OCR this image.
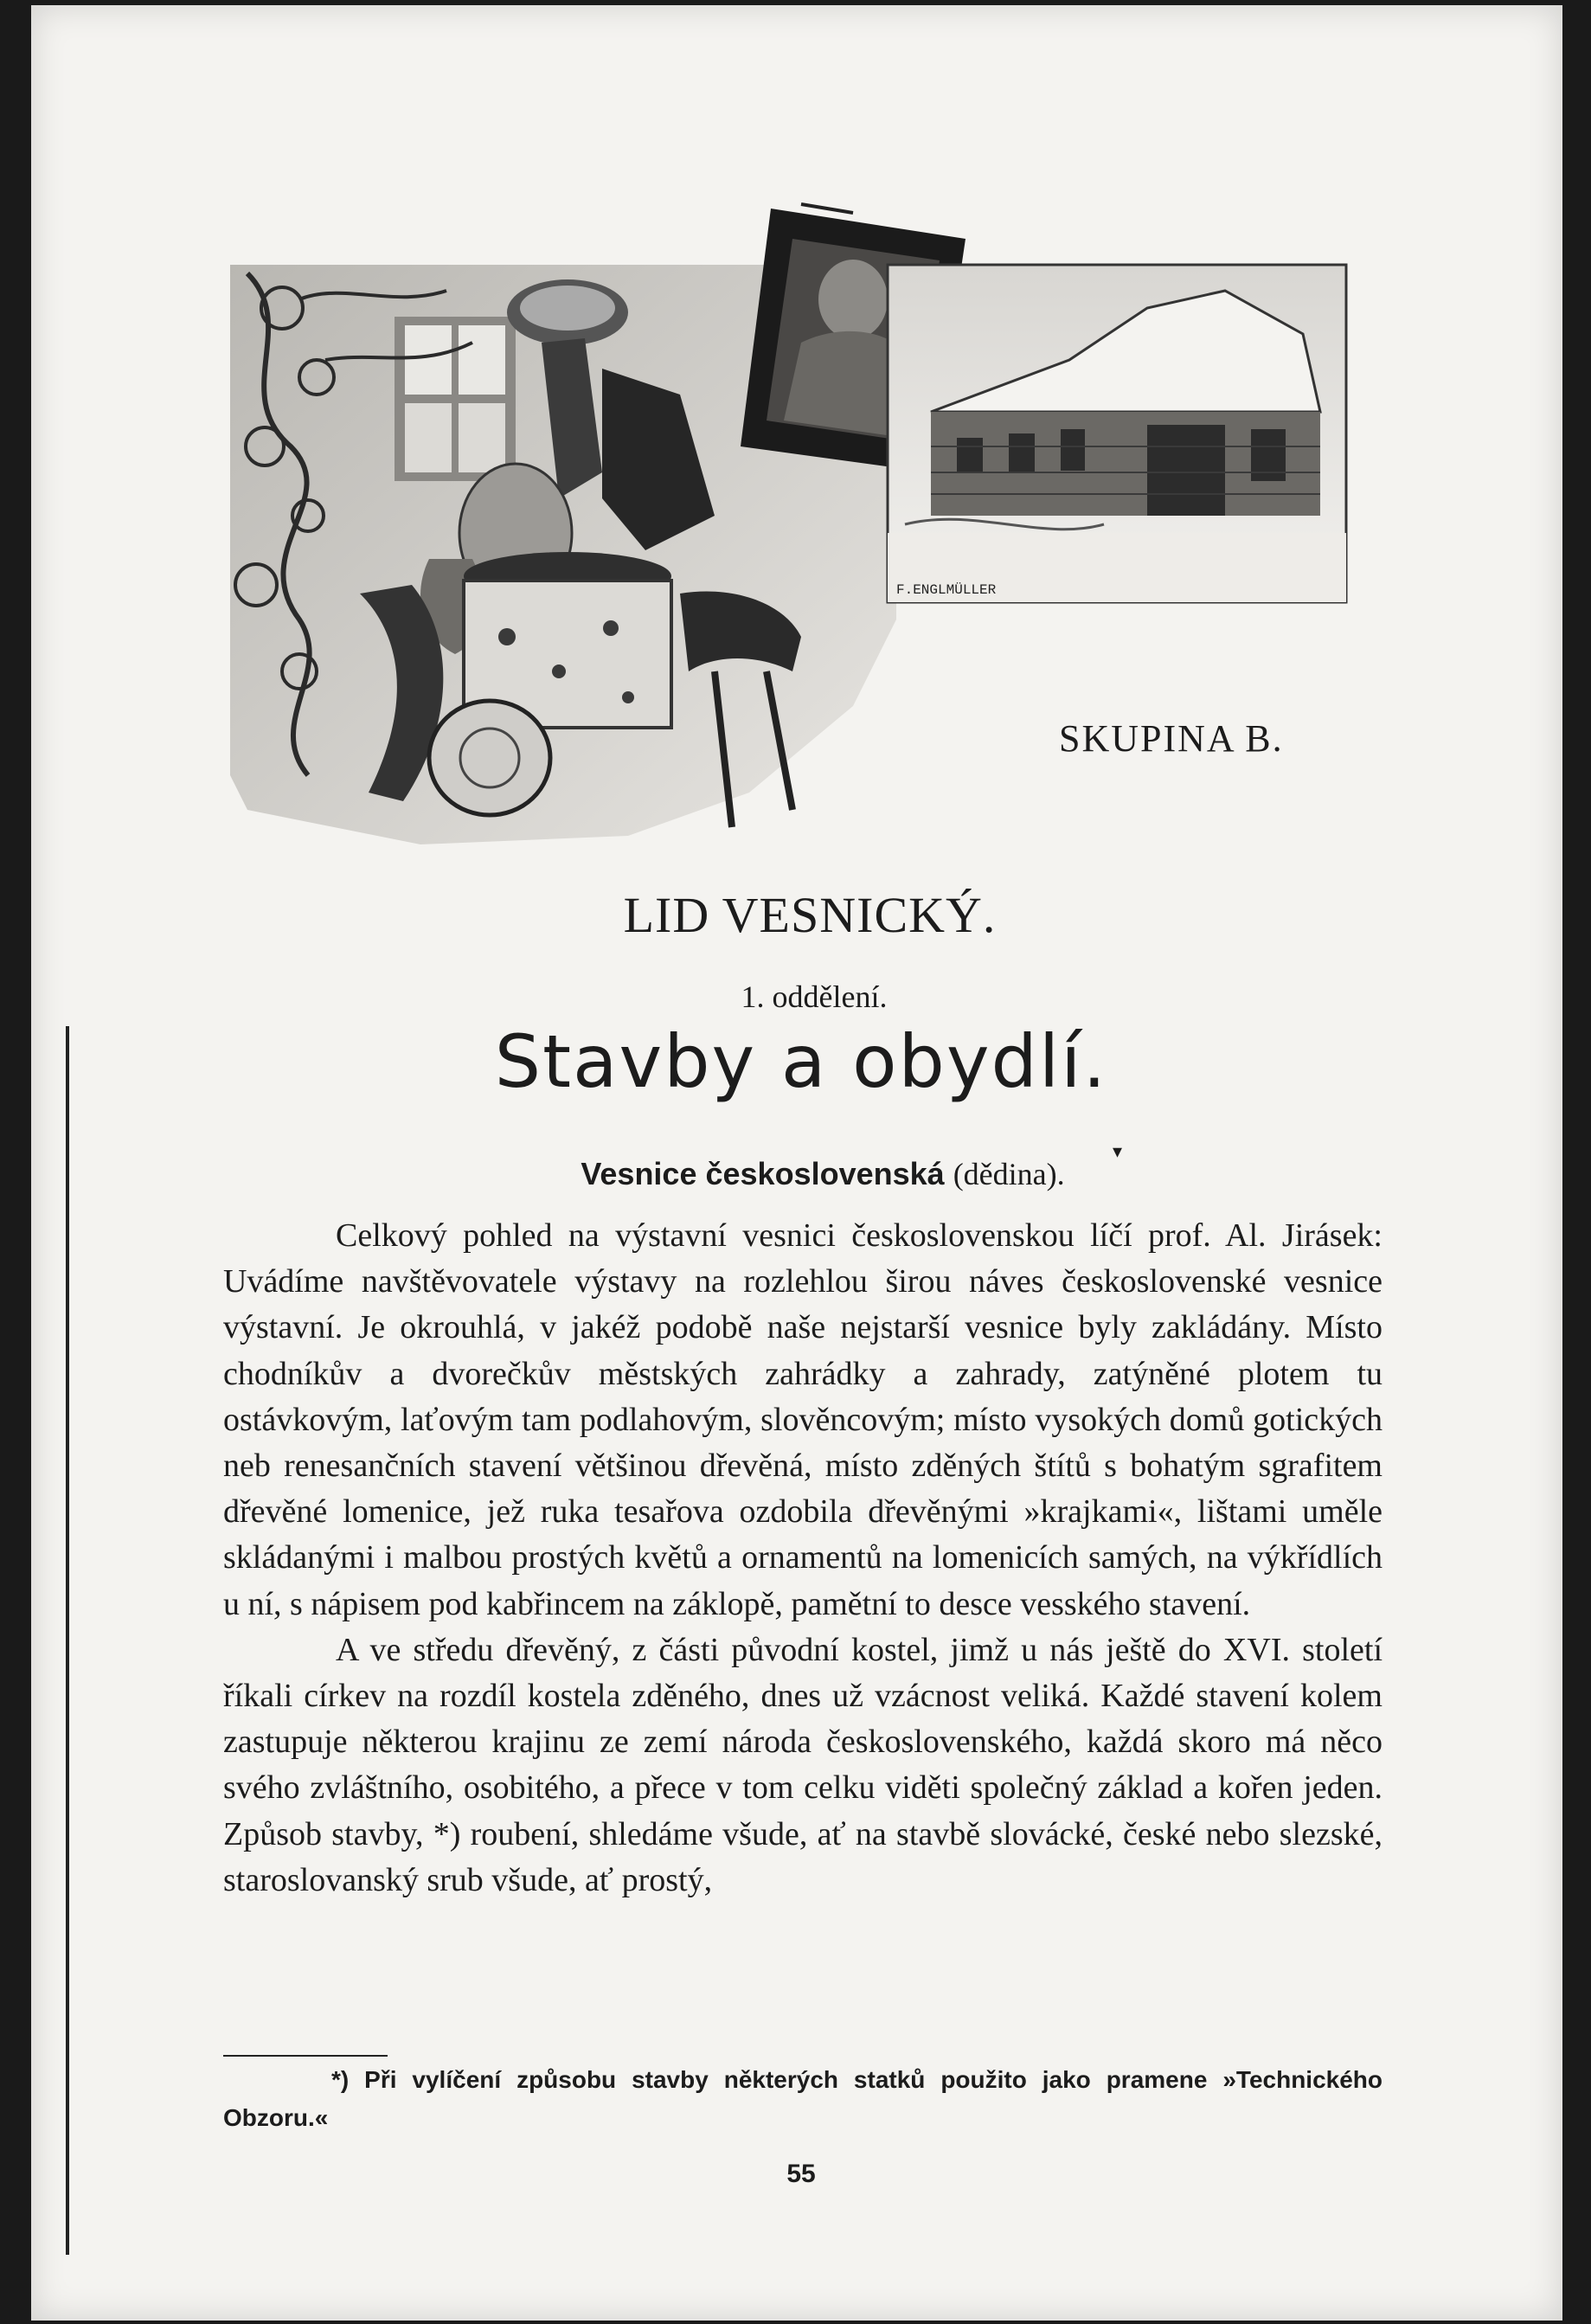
F.ENGLMÜLLER
SKUPINA B.
LID VESNICKÝ.
1. oddělení.
Stavby a obydlí.
Vesnice československá (dědina).
▾

Celkový pohled na výstavní vesnici československou líčí prof. Al. Jirásek: Uvádíme navštěvovatele výstavy na rozlehlou širou náves československé vesnice výstavní. Je okrouhlá, v jakéž podobě naše nejstarší vesnice byly zakládány. Místo chodníkův a dvorečkův městských zahrádky a zahrady, zatýněné plotem tu ostávkovým, laťovým tam podlahovým, slověncovým; místo vysokých domů gotických neb renesančních stavení většinou dřevěná, místo zděných štítů s bohatým sgrafitem dřevěné lomenice, jež ruka tesařova ozdobila dřevěnými »krajkami«, lištami uměle skládanými i malbou prostých květů a ornamentů na lomenicích samých, na výkřídlích u ní, s nápisem pod kabřincem na záklopě, pamětní to desce vesského stavení.

A ve středu dřevěný, z části původní kostel, jimž u nás ještě do XVI. století říkali církev na rozdíl kostela zděného, dnes už vzácnost veliká. Každé stavení kolem zastupuje některou krajinu ze zemí národa československého, každá skoro má něco svého zvláštního, osobitého, a přece v tom celku viděti společný základ a kořen jeden. Způsob stavby, *) roubení, shledáme všude, ať na stavbě slovácké, české nebo slezské, staroslovanský srub všude, ať prostý,

*) Při vylíčení způsobu stavby některých statků použito jako pramene »Technického Obzoru.«

55
